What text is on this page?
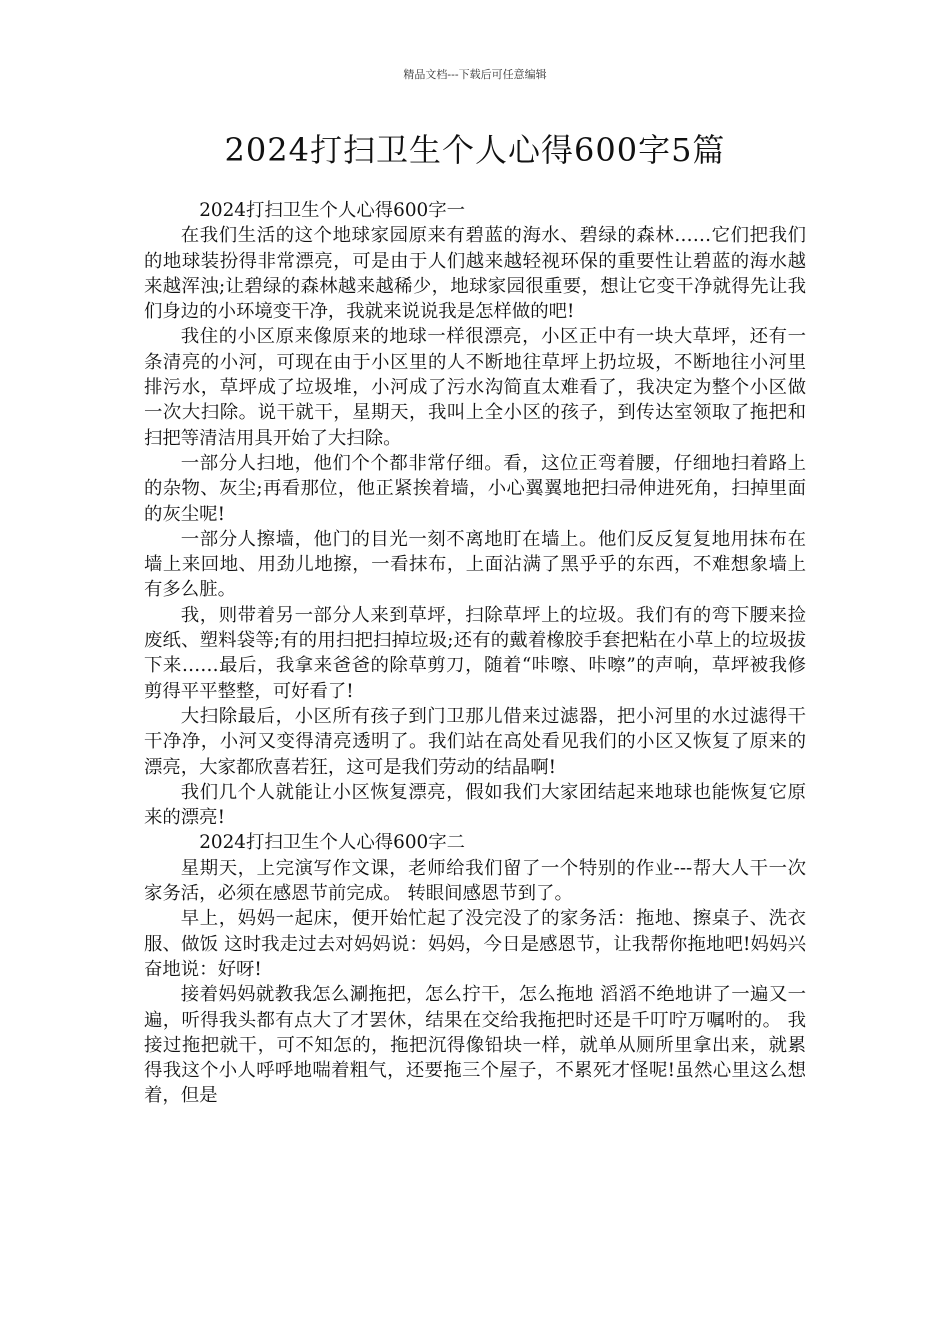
精品文档---下载后可任意编辑
2024打扫卫生个人心得600字5篇

2024打扫卫生个人心得600字一

在我们生活的这个地球家园原来有碧蓝的海水、碧绿的森林……它们把我们的地球装扮得非常漂亮，可是由于人们越来越轻视环保的重要性让碧蓝的海水越来越浑浊;让碧绿的森林越来越稀少，地球家园很重要，想让它变干净就得先让我们身边的小环境变干净，我就来说说我是怎样做的吧!

我住的小区原来像原来的地球一样很漂亮，小区正中有一块大草坪，还有一条清亮的小河，可现在由于小区里的人不断地往草坪上扔垃圾，不断地往小河里排污水，草坪成了垃圾堆，小河成了污水沟简直太难看了，我决定为整个小区做一次大扫除。说干就干，星期天，我叫上全小区的孩子，到传达室领取了拖把和扫把等清洁用具开始了大扫除。

一部分人扫地，他们个个都非常仔细。看，这位正弯着腰，仔细地扫着路上的杂物、灰尘;再看那位，他正紧挨着墙，小心翼翼地把扫帚伸进死角，扫掉里面的灰尘呢!

一部分人擦墙，他门的目光一刻不离地盯在墙上。他们反反复复地用抹布在墙上来回地、用劲儿地擦，一看抹布，上面沾满了黑乎乎的东西，不难想象墙上有多么脏。

我，则带着另一部分人来到草坪，扫除草坪上的垃圾。我们有的弯下腰来捡废纸、塑料袋等;有的用扫把扫掉垃圾;还有的戴着橡胶手套把粘在小草上的垃圾拔下来……最后，我拿来爸爸的除草剪刀，随着“咔嚓、咔嚓”的声响，草坪被我修剪得平平整整，可好看了!

大扫除最后，小区所有孩子到门卫那儿借来过滤器，把小河里的水过滤得干干净净，小河又变得清亮透明了。我们站在高处看见我们的小区又恢复了原来的漂亮，大家都欣喜若狂，这可是我们劳动的结晶啊!

我们几个人就能让小区恢复漂亮，假如我们大家团结起来地球也能恢复它原来的漂亮!

2024打扫卫生个人心得600字二

星期天，上完演写作文课，老师给我们留了一个特别的作业---帮大人干一次家务活，必须在感恩节前完成。 转眼间感恩节到了。

早上，妈妈一起床，便开始忙起了没完没了的家务活：拖地、擦桌子、洗衣服、做饭 这时我走过去对妈妈说：妈妈，今日是感恩节，让我帮你拖地吧!妈妈兴奋地说：好呀!

接着妈妈就教我怎么涮拖把，怎么拧干，怎么拖地 滔滔不绝地讲了一遍又一遍，听得我头都有点大了才罢休，结果在交给我拖把时还是千叮咛万嘱咐的。 我接过拖把就干，可不知怎的，拖把沉得像铅块一样，就单从厕所里拿出来，就累得我这个小人呼呼地喘着粗气，还要拖三个屋子，不累死才怪呢!虽然心里这么想着，但是
